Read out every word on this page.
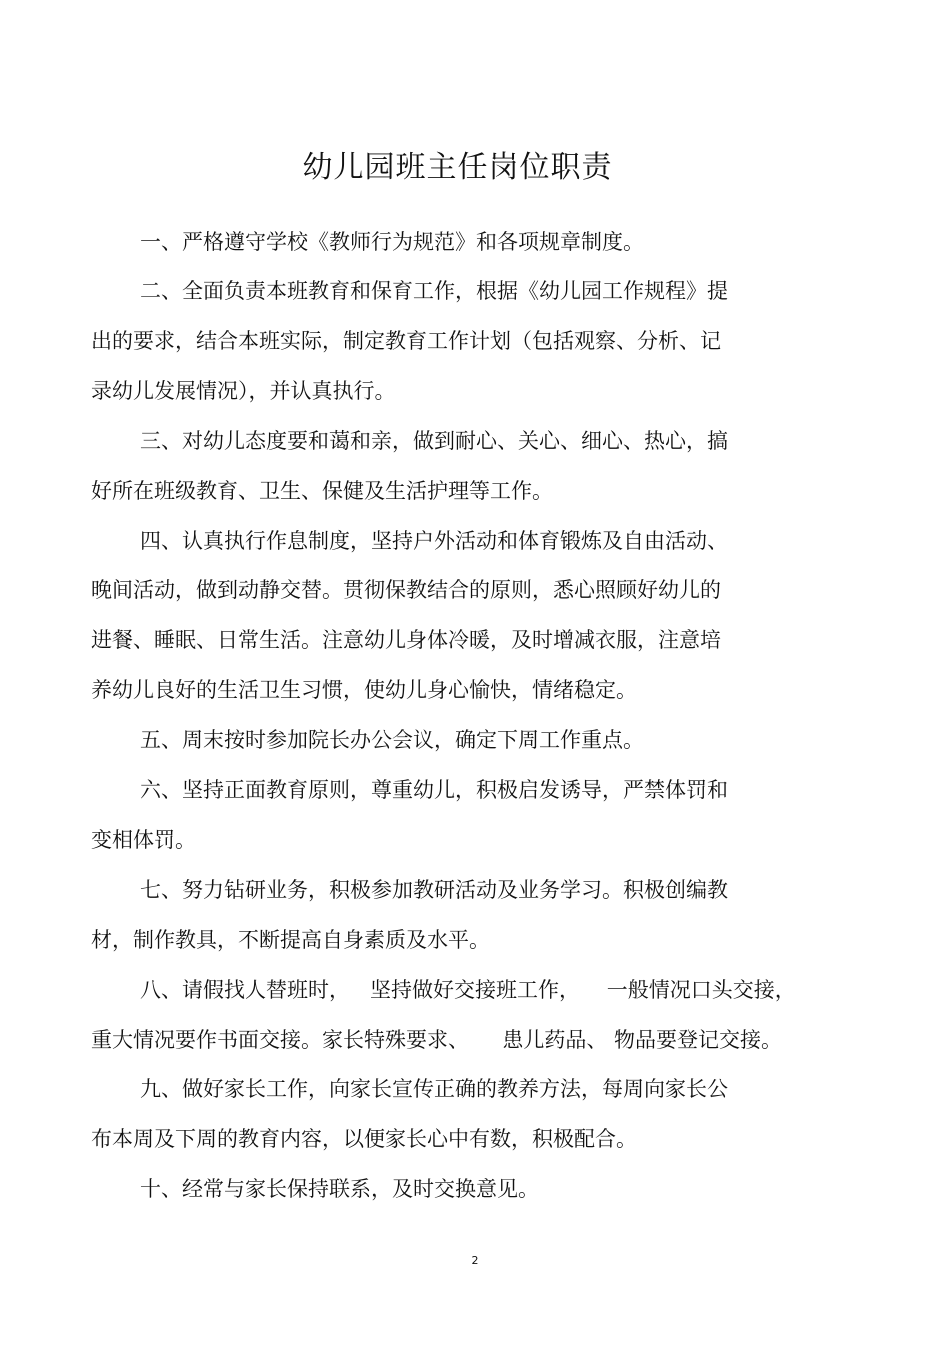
幼儿园班主任岗位职责
一、严格遵守学校《教师行为规范》和各项规章制度。
二、全面负责本班教育和保育工作，根据《幼儿园工作规程》提
出的要求，结合本班实际，制定教育工作计划（包括观察、分析、记
录幼儿发展情况），并认真执行。
三、对幼儿态度要和蔼和亲，做到耐心、关心、细心、热心，搞
好所在班级教育、卫生、保健及生活护理等工作。
四、认真执行作息制度，坚持户外活动和体育锻炼及自由活动、
晚间活动，做到动静交替。贯彻保教结合的原则，悉心照顾好幼儿的
进餐、睡眠、日常生活。注意幼儿身体冷暖，及时增减衣服，注意培
养幼儿良好的生活卫生习惯，使幼儿身心愉快，情绪稳定。
五、周末按时参加院长办公会议，确定下周工作重点。
六、坚持正面教育原则，尊重幼儿，积极启发诱导，严禁体罚和
变相体罚。
七、努力钻研业务，积极参加教研活动及业务学习。积极创编教
材，制作教具，不断提高自身素质及水平。
八、请假找人替班时，   坚持做好交接班工作，    一般情况口头交接，
重大情况要作书面交接。家长特殊要求、     患儿药品、 物品要登记交接。
九、做好家长工作，向家长宣传正确的教养方法，每周向家长公
布本周及下周的教育内容，以便家长心中有数，积极配合。
十、经常与家长保持联系，及时交换意见。
2
